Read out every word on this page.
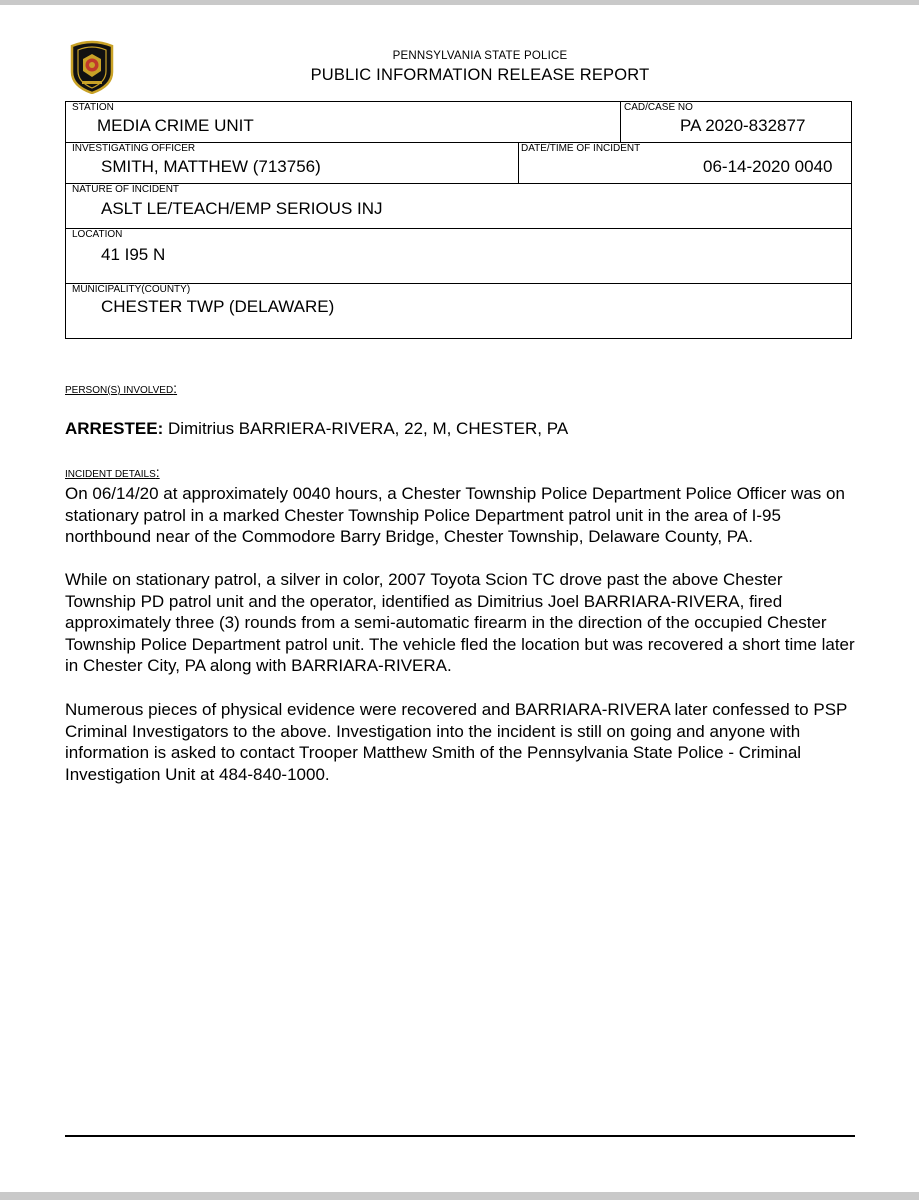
PENNSYLVANIA STATE POLICE
PUBLIC INFORMATION RELEASE REPORT
STATION
MEDIA CRIME UNIT
CAD/CASE NO
PA 2020-832877
INVESTIGATING OFFICER
SMITH, MATTHEW (713756)
DATE/TIME OF INCIDENT
06-14-2020 0040
NATURE OF INCIDENT
ASLT LE/TEACH/EMP SERIOUS INJ
LOCATION
41 I95 N
MUNICIPALITY(COUNTY)
CHESTER TWP (DELAWARE)
PERSON(S) INVOLVED:
ARRESTEE: Dimitrius BARRIERA-RIVERA, 22, M, CHESTER, PA
INCIDENT DETAILS:

On 06/14/20 at approximately 0040 hours, a Chester Township Police Department Police Officer was on stationary patrol in a marked Chester Township Police Department patrol unit in the area of I-95 northbound near of the Commodore Barry Bridge, Chester Township, Delaware County, PA.

While on stationary patrol, a silver in color, 2007 Toyota Scion TC drove past the above Chester Township PD patrol unit and the operator, identified as Dimitrius Joel BARRIARA-RIVERA, fired approximately three (3) rounds from a semi-automatic firearm in the direction of the occupied Chester Township Police Department patrol unit. The vehicle fled the location but was recovered a short time later in Chester City, PA along with BARRIARA-RIVERA.

Numerous pieces of physical evidence were recovered and BARRIARA-RIVERA later confessed to PSP Criminal Investigators to the above. Investigation into the incident is still on going and anyone with information is asked to contact Trooper Matthew Smith of the Pennsylvania State Police - Criminal Investigation Unit at 484-840-1000.
